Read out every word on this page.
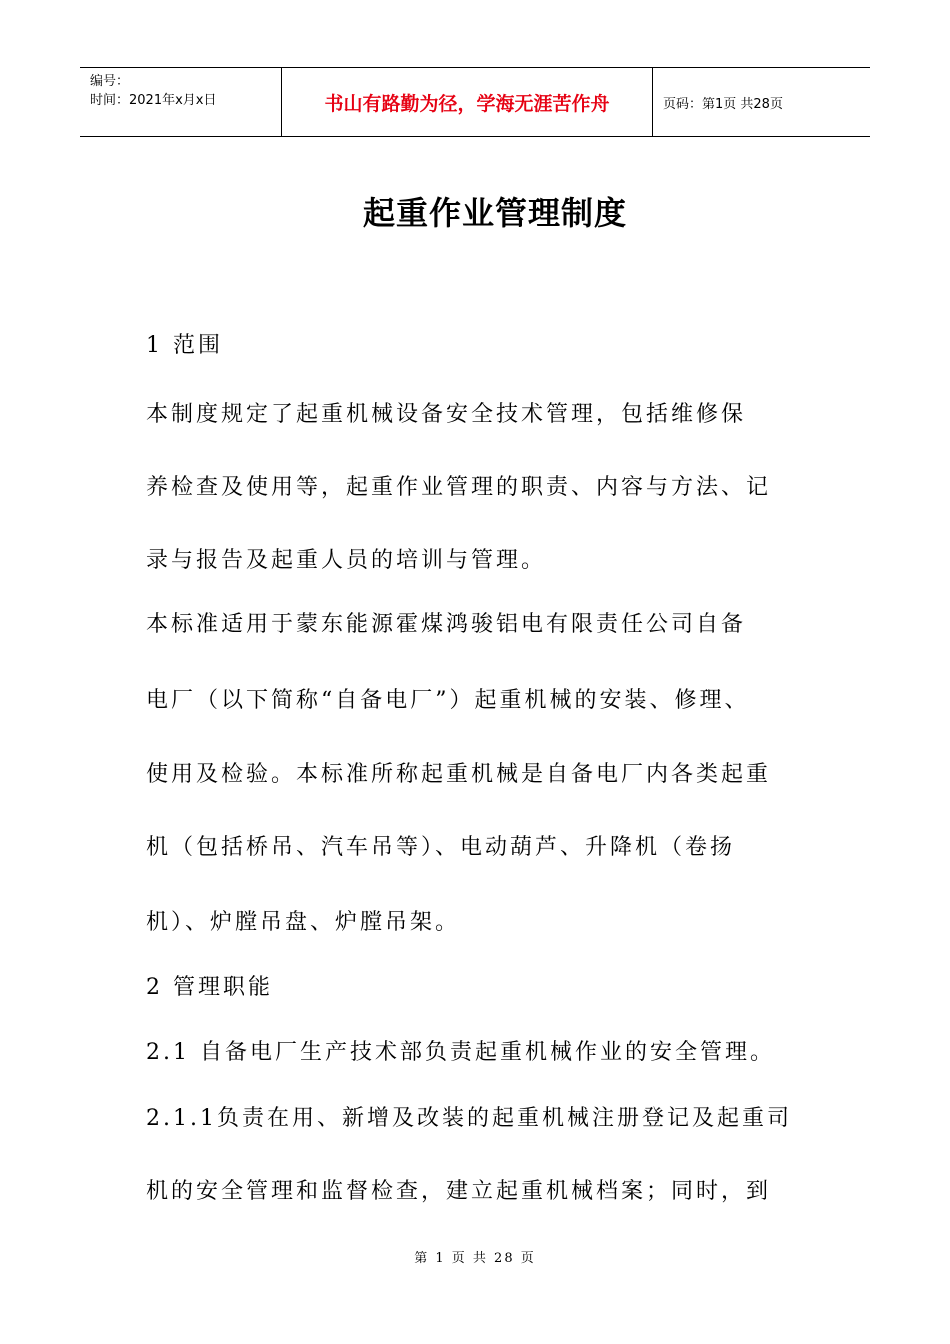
编号：
时间：2021年x月x日	书山有路勤为径，学海无涯苦作舟	页码：第1页 共28页
起重作业管理制度
1 范围
本制度规定了起重机械设备安全技术管理，包括维修保
养检查及使用等，起重作业管理的职责、内容与方法、记
录与报告及起重人员的培训与管理。
本标准适用于蒙东能源霍煤鸿骏铝电有限责任公司自备
电厂（以下简称“自备电厂”）起重机械的安装、修理、
使用及检验。本标准所称起重机械是自备电厂内各类起重
机（包括桥吊、汽车吊等）、电动葫芦、升降机（卷扬
机）、炉膛吊盘、炉膛吊架。
2 管理职能
2.1 自备电厂生产技术部负责起重机械作业的安全管理。
2.1.1负责在用、新增及改装的起重机械注册登记及起重司
机的安全管理和监督检查，建立起重机械档案；同时，到
第 1 页 共 28 页
